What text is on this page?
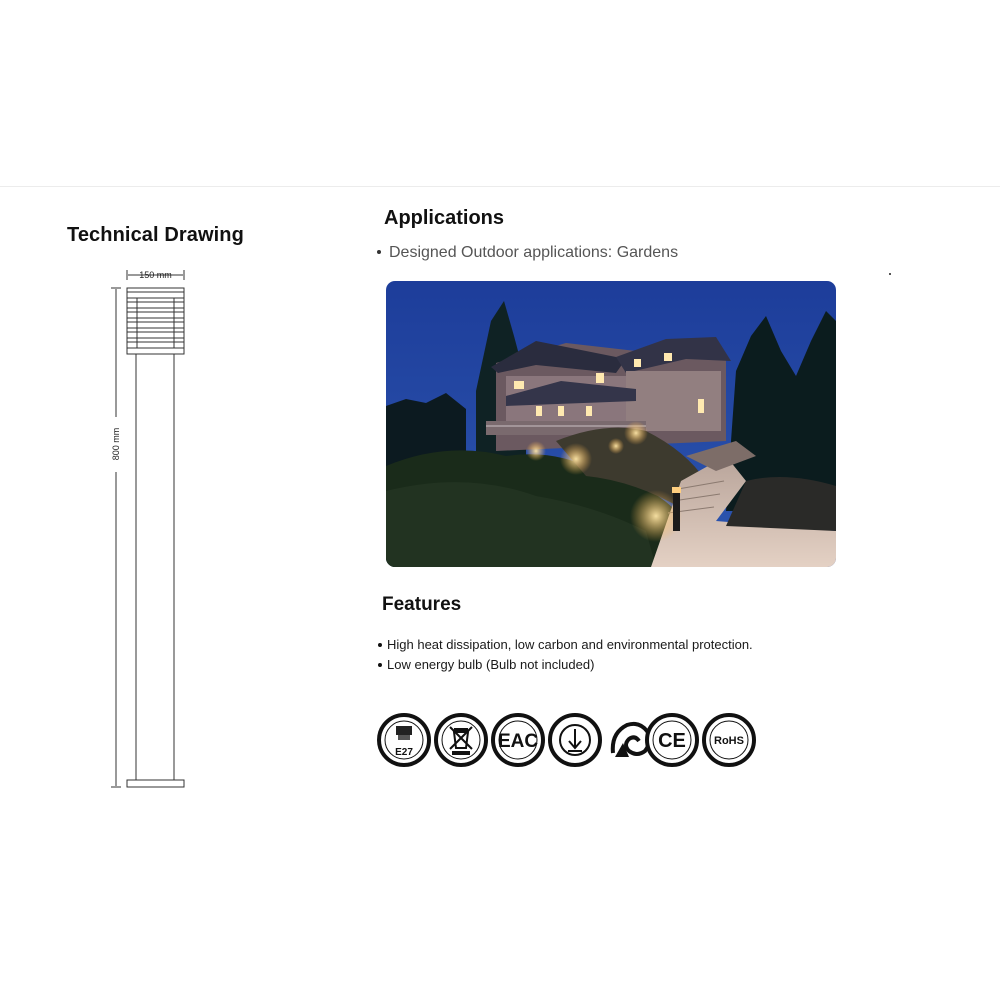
Technical Drawing
150 mm
800 mm
Applications
Designed Outdoor applications: Gardens
Features
High heat dissipation, low carbon and environmental protection.
Low energy bulb (Bulb not included)
E27
EAC	CE	RoHS
